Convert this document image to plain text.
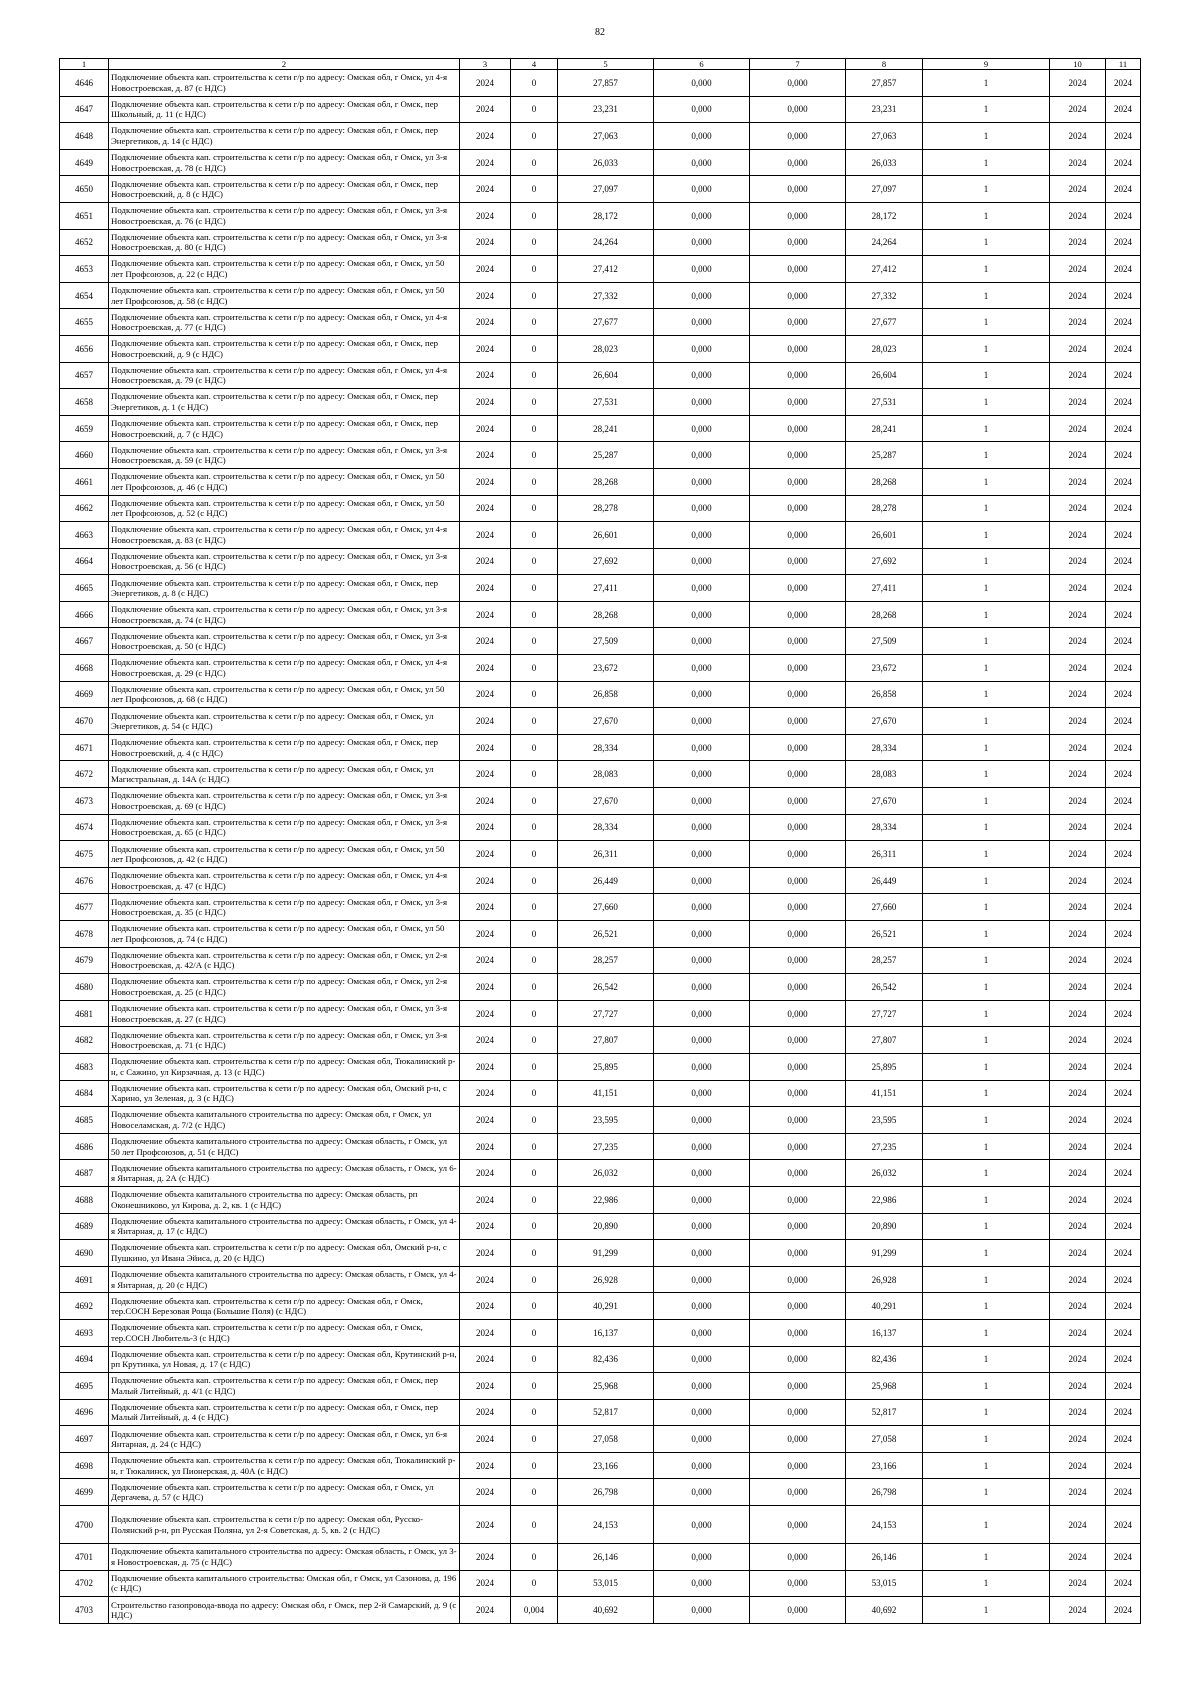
82
1	2	3	4	5	6	7	8	9	10	11
4646	Подключение объекта кап. строительства к сети г/р по адресу: Омская обл, г Омск, ул 4-я Новостроевская, д. 87 (с НДС)	2024	0	27,857	0,000	0,000	27,857	1	2024	2024
4647	Подключение объекта кап. строительства к сети г/р по адресу: Омская обл, г Омск, пер Школьный, д. 11 (с НДС)	2024	0	23,231	0,000	0,000	23,231	1	2024	2024
4648	Подключение объекта кап. строительства к сети г/р по адресу: Омская обл, г Омск, пер Энергетиков, д. 14 (с НДС)	2024	0	27,063	0,000	0,000	27,063	1	2024	2024
4649	Подключение объекта кап. строительства к сети г/р по адресу: Омская обл, г Омск, ул 3-я Новостроевская, д. 78 (с НДС)	2024	0	26,033	0,000	0,000	26,033	1	2024	2024
4650	Подключение объекта кап. строительства к сети г/р по адресу: Омская обл, г Омск, пер Новостроевский, д. 8 (с НДС)	2024	0	27,097	0,000	0,000	27,097	1	2024	2024
4651	Подключение объекта кап. строительства к сети г/р по адресу: Омская обл, г Омск, ул 3-я Новостроевская, д. 76 (с НДС)	2024	0	28,172	0,000	0,000	28,172	1	2024	2024
4652	Подключение объекта кап. строительства к сети г/р по адресу: Омская обл, г Омск, ул 3-я Новостроевская, д. 80 (с НДС)	2024	0	24,264	0,000	0,000	24,264	1	2024	2024
4653	Подключение объекта кап. строительства к сети г/р по адресу: Омская обл, г Омск, ул 50 лет Профсоюзов, д. 22 (с НДС)	2024	0	27,412	0,000	0,000	27,412	1	2024	2024
4654	Подключение объекта кап. строительства к сети г/р по адресу: Омская обл, г Омск, ул 50 лет Профсоюзов, д. 58 (с НДС)	2024	0	27,332	0,000	0,000	27,332	1	2024	2024
4655	Подключение объекта кап. строительства к сети г/р по адресу: Омская обл, г Омск, ул 4-я Новостроевская, д. 77 (с НДС)	2024	0	27,677	0,000	0,000	27,677	1	2024	2024
4656	Подключение объекта кап. строительства к сети г/р по адресу: Омская обл, г Омск, пер Новостроевский, д. 9 (с НДС)	2024	0	28,023	0,000	0,000	28,023	1	2024	2024
4657	Подключение объекта кап. строительства к сети г/р по адресу: Омская обл, г Омск, ул 4-я Новостроевская, д. 79 (с НДС)	2024	0	26,604	0,000	0,000	26,604	1	2024	2024
4658	Подключение объекта кап. строительства к сети г/р по адресу: Омская обл, г Омск, пер Энергетиков, д. 1 (с НДС)	2024	0	27,531	0,000	0,000	27,531	1	2024	2024
4659	Подключение объекта кап. строительства к сети г/р по адресу: Омская обл, г Омск, пер Новостроевский, д. 7 (с НДС)	2024	0	28,241	0,000	0,000	28,241	1	2024	2024
4660	Подключение объекта кап. строительства к сети г/р по адресу: Омская обл, г Омск, ул 3-я Новостроевская, д. 59 (с НДС)	2024	0	25,287	0,000	0,000	25,287	1	2024	2024
4661	Подключение объекта кап. строительства к сети г/р по адресу: Омская обл, г Омск, ул 50 лет Профсоюзов, д. 46 (с НДС)	2024	0	28,268	0,000	0,000	28,268	1	2024	2024
4662	Подключение объекта кап. строительства к сети г/р по адресу: Омская обл, г Омск, ул 50 лет Профсоюзов, д. 52 (с НДС)	2024	0	28,278	0,000	0,000	28,278	1	2024	2024
4663	Подключение объекта кап. строительства к сети г/р по адресу: Омская обл, г Омск, ул 4-я Новостроевская, д. 83 (с НДС)	2024	0	26,601	0,000	0,000	26,601	1	2024	2024
4664	Подключение объекта кап. строительства к сети г/р по адресу: Омская обл, г Омск, ул 3-я Новостроевская, д. 56 (с НДС)	2024	0	27,692	0,000	0,000	27,692	1	2024	2024
4665	Подключение объекта кап. строительства к сети г/р по адресу: Омская обл, г Омск, пер Энергетиков, д. 8 (с НДС)	2024	0	27,411	0,000	0,000	27,411	1	2024	2024
4666	Подключение объекта кап. строительства к сети г/р по адресу: Омская обл, г Омск, ул 3-я Новостроевская, д. 74 (с НДС)	2024	0	28,268	0,000	0,000	28,268	1	2024	2024
4667	Подключение объекта кап. строительства к сети г/р по адресу: Омская обл, г Омск, ул 3-я Новостроевская, д. 50 (с НДС)	2024	0	27,509	0,000	0,000	27,509	1	2024	2024
4668	Подключение объекта кап. строительства к сети г/р по адресу: Омская обл, г Омск, ул 4-я Новостроевская, д. 29 (с НДС)	2024	0	23,672	0,000	0,000	23,672	1	2024	2024
4669	Подключение объекта кап. строительства к сети г/р по адресу: Омская обл, г Омск, ул 50 лет Профсоюзов, д. 68 (с НДС)	2024	0	26,858	0,000	0,000	26,858	1	2024	2024
4670	Подключение объекта кап. строительства к сети г/р по адресу: Омская обл, г Омск, ул Энергетиков, д. 54 (с НДС)	2024	0	27,670	0,000	0,000	27,670	1	2024	2024
4671	Подключение объекта кап. строительства к сети г/р по адресу: Омская обл, г Омск, пер Новостроевский, д. 4 (с НДС)	2024	0	28,334	0,000	0,000	28,334	1	2024	2024
4672	Подключение объекта кап. строительства к сети г/р по адресу: Омская обл, г Омск, ул Магистральная, д. 14А (с НДС)	2024	0	28,083	0,000	0,000	28,083	1	2024	2024
4673	Подключение объекта кап. строительства к сети г/р по адресу: Омская обл, г Омск, ул 3-я Новостроевская, д. 69 (с НДС)	2024	0	27,670	0,000	0,000	27,670	1	2024	2024
4674	Подключение объекта кап. строительства к сети г/р по адресу: Омская обл, г Омск, ул 3-я Новостроевская, д. 65 (с НДС)	2024	0	28,334	0,000	0,000	28,334	1	2024	2024
4675	Подключение объекта кап. строительства к сети г/р по адресу: Омская обл, г Омск, ул 50 лет Профсоюзов, д. 42 (с НДС)	2024	0	26,311	0,000	0,000	26,311	1	2024	2024
4676	Подключение объекта кап. строительства к сети г/р по адресу: Омская обл, г Омск, ул 4-я Новостроевская, д. 47 (с НДС)	2024	0	26,449	0,000	0,000	26,449	1	2024	2024
4677	Подключение объекта кап. строительства к сети г/р по адресу: Омская обл, г Омск, ул 3-я Новостроевская, д. 35 (с НДС)	2024	0	27,660	0,000	0,000	27,660	1	2024	2024
4678	Подключение объекта кап. строительства к сети г/р по адресу: Омская обл, г Омск, ул 50 лет Профсоюзов, д. 74 (с НДС)	2024	0	26,521	0,000	0,000	26,521	1	2024	2024
4679	Подключение объекта кап. строительства к сети г/р по адресу: Омская обл, г Омск, ул 2-я Новостроевская, д. 42/А (с НДС)	2024	0	28,257	0,000	0,000	28,257	1	2024	2024
4680	Подключение объекта кап. строительства к сети г/р по адресу: Омская обл, г Омск, ул 2-я Новостроевская, д. 25 (с НДС)	2024	0	26,542	0,000	0,000	26,542	1	2024	2024
4681	Подключение объекта кап. строительства к сети г/р по адресу: Омская обл, г Омск, ул 3-я Новостроевская, д. 27 (с НДС)	2024	0	27,727	0,000	0,000	27,727	1	2024	2024
4682	Подключение объекта кап. строительства к сети г/р по адресу: Омская обл, г Омск, ул 3-я Новостроевская, д. 71 (с НДС)	2024	0	27,807	0,000	0,000	27,807	1	2024	2024
4683	Подключение объекта кап. строительства к сети г/р по адресу: Омская обл, Тюкалинский р-н, с Сажино, ул Кирзачная, д. 13 (с НДС)	2024	0	25,895	0,000	0,000	25,895	1	2024	2024
4684	Подключение объекта кап. строительства к сети г/р по адресу: Омская обл, Омский р-н, с Харино, ул Зеленая, д. 3 (с НДС)	2024	0	41,151	0,000	0,000	41,151	1	2024	2024
4685	Подключение объекта капитального строительства по адресу: Омская обл, г Омск, ул Новоселамская, д. 7/2 (с НДС)	2024	0	23,595	0,000	0,000	23,595	1	2024	2024
4686	Подключение объекта капитального строительства по адресу: Омская область, г Омск, ул 50 лет Профсоюзов, д. 51 (с НДС)	2024	0	27,235	0,000	0,000	27,235	1	2024	2024
4687	Подключение объекта капитального строительства по адресу: Омская область, г Омск, ул 6-я Янтарная, д. 2А (с НДС)	2024	0	26,032	0,000	0,000	26,032	1	2024	2024
4688	Подключение объекта капитального строительства по адресу: Омская область, рп Оконешниково, ул Кирова, д. 2, кв. 1 (с НДС)	2024	0	22,986	0,000	0,000	22,986	1	2024	2024
4689	Подключение объекта капитального строительства по адресу: Омская область, г Омск, ул 4-я Янтарная, д. 17 (с НДС)	2024	0	20,890	0,000	0,000	20,890	1	2024	2024
4690	Подключение объекта кап. строительства к сети г/р по адресу: Омская обл, Омский р-н, с Пушкино, ул Ивана Эйиса, д. 20 (с НДС)	2024	0	91,299	0,000	0,000	91,299	1	2024	2024
4691	Подключение объекта капитального строительства по адресу: Омская область, г Омск, ул 4-я Янтарная, д. 20 (с НДС)	2024	0	26,928	0,000	0,000	26,928	1	2024	2024
4692	Подключение объекта кап. строительства к сети г/р по адресу: Омская обл, г Омск, тер.СОСН Березовая Роща (Большие Поля) (с НДС)	2024	0	40,291	0,000	0,000	40,291	1	2024	2024
4693	Подключение объекта кап. строительства к сети г/р по адресу: Омская обл, г Омск, тер.СОСН Любитель-3 (с НДС)	2024	0	16,137	0,000	0,000	16,137	1	2024	2024
4694	Подключение объекта кап. строительства к сети г/р по адресу: Омская обл, Крутинский р-н, рп Крутинка, ул Новая, д. 17 (с НДС)	2024	0	82,436	0,000	0,000	82,436	1	2024	2024
4695	Подключение объекта кап. строительства к сети г/р по адресу: Омская обл, г Омск, пер Малый Литейный, д. 4/1 (с НДС)	2024	0	25,968	0,000	0,000	25,968	1	2024	2024
4696	Подключение объекта кап. строительства к сети г/р по адресу: Омская обл, г Омск, пер Малый Литейный, д. 4 (с НДС)	2024	0	52,817	0,000	0,000	52,817	1	2024	2024
4697	Подключение объекта кап. строительства к сети г/р по адресу: Омская обл, г Омск, ул 6-я Янтарная, д. 24 (с НДС)	2024	0	27,058	0,000	0,000	27,058	1	2024	2024
4698	Подключение объекта кап. строительства к сети г/р по адресу: Омская обл, Тюкалинский р-н, г Тюкалинск, ул Пионерская, д. 40А (с НДС)	2024	0	23,166	0,000	0,000	23,166	1	2024	2024
4699	Подключение объекта кап. строительства к сети г/р по адресу: Омская обл, г Омск, ул Дергачева, д. 57 (с НДС)	2024	0	26,798	0,000	0,000	26,798	1	2024	2024
4700	Подключение объекта кап. строительства к сети г/р по адресу: Омская обл, Русско-Полянский р-н, рп Русская Поляна, ул 2-я Советская, д. 5, кв. 2 (с НДС)	2024	0	24,153	0,000	0,000	24,153	1	2024	2024
4701	Подключение объекта капитального строительства по адресу: Омская область, г Омск, ул 3-я Новостроевская, д. 75 (с НДС)	2024	0	26,146	0,000	0,000	26,146	1	2024	2024
4702	Подключение объекта капитального строительства: Омская обл, г Омск, ул Сазонова, д. 196 (с НДС)	2024	0	53,015	0,000	0,000	53,015	1	2024	2024
4703	Строительство газопровода-ввода по адресу: Омская обл, г Омск, пер 2-й Самарский, д. 9 (с НДС)	2024	0,004	40,692	0,000	0,000	40,692	1	2024	2024
